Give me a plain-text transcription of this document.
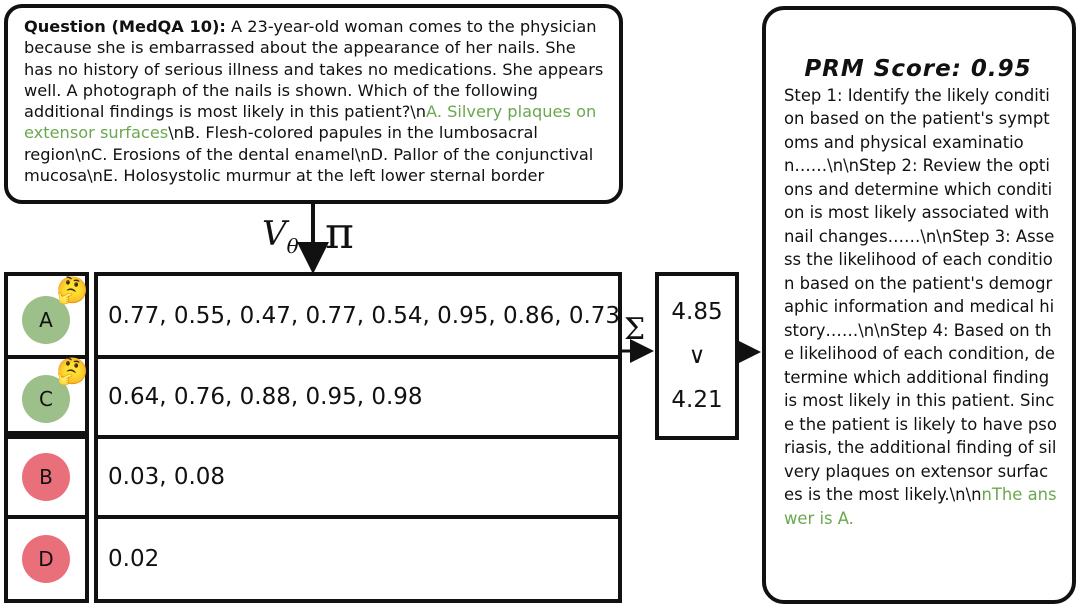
Question (MedQA 10): A 23-year-old woman comes to the physician because she is embarrassed about the appearance of her nails. She has no history of serious illness and takes no medications. She appears well. A photograph of the nails is shown. Which of the following additional findings is most likely in this patient?\nA. Silvery plaques on extensor surfaces\nB. Flesh-colored papules in the lumbosacral region\nC. Erosions of the dental enamel\nD. Pallor of the conjunctival mucosa\nE. Holosystolic murmur at the left lower sternal border
$V_\theta$ π
Σ
A
🤔
0.77, 0.55, 0.47, 0.77, 0.54, 0.95, 0.86, 0.73
C
🤔
0.64, 0.76, 0.88, 0.95, 0.98
B	0.03, 0.08
D	0.02
4.85
∨
4.21
PRM Score: 0.95
Step 1: Identify the likely condition based on the patient's symptoms and physical examination……\n\nStep 2: Review the options and determine which condition is most likely associated with nail changes……\n\nStep 3: Assess the likelihood of each condition based on the patient's demographic information and medical history……\n\nStep 4: Based on the likelihood of each condition, determine which additional finding is most likely in this patient. Since the patient is likely to have psoriasis, the additional finding of silvery plaques on extensor surfaces is the most likely.\n\nnThe answer is A.
